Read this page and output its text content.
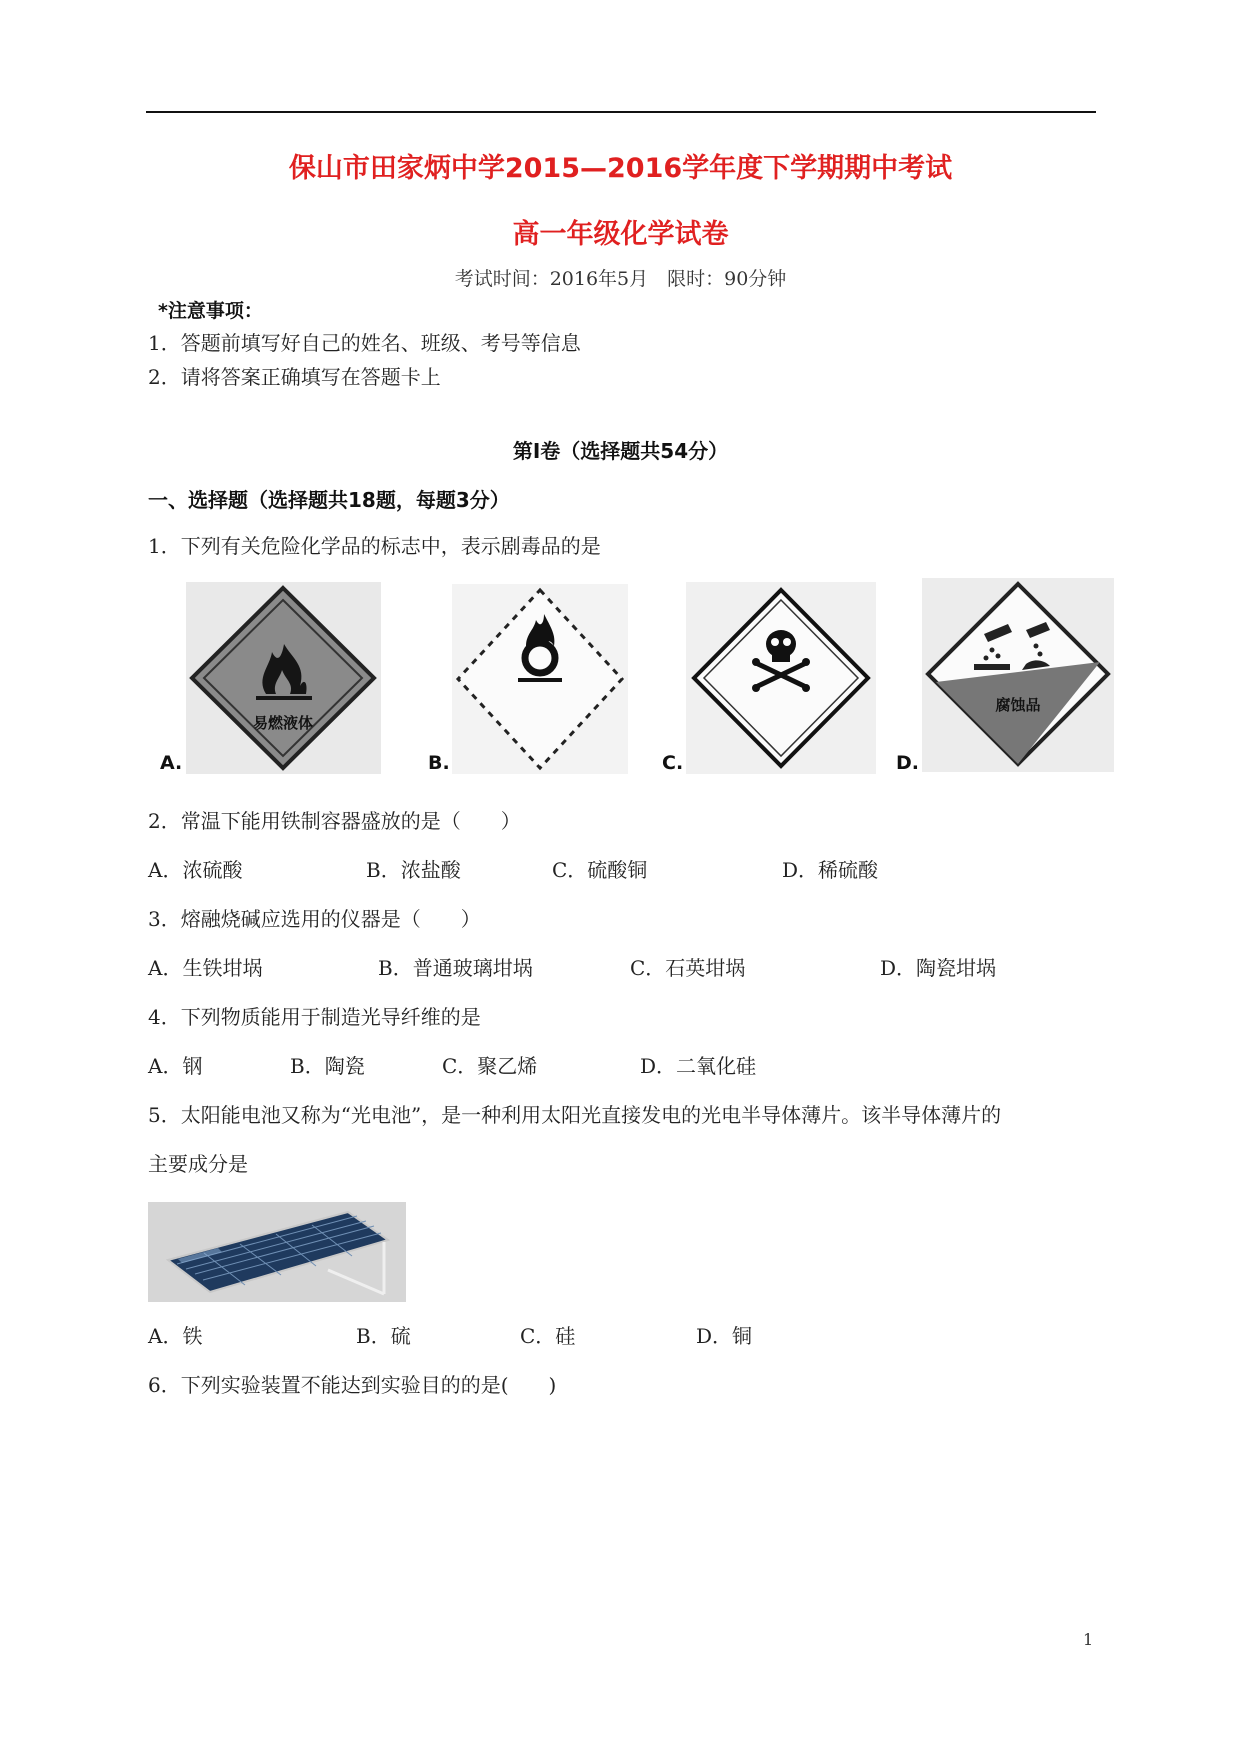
保山市田家炳中学2015—2016学年度下学期期中考试
高一年级化学试卷
考试时间：2016年5月　限时：90分钟
*注意事项：
1．答题前填写好自己的姓名、班级、考号等信息
2．请将答案正确填写在答题卡上
第Ⅰ卷（选择题共54分）
一、选择题（选择题共18题，每题3分）
1．下列有关危险化学品的标志中，表示剧毒品的是
易燃液体
A.	B.	C.
腐蚀品
D.
2．常温下能用铁制容器盛放的是（　　）
A．浓硫酸	B．浓盐酸	C．硫酸铜	D．稀硫酸
3．熔融烧碱应选用的仪器是（　　）
A．生铁坩埚	B．普通玻璃坩埚	C．石英坩埚	D．陶瓷坩埚
4．下列物质能用于制造光导纤维的是
A．钢	B．陶瓷	C．聚乙烯	D．二氧化硅
5．太阳能电池又称为“光电池”，是一种利用太阳光直接发电的光电半导体薄片。该半导体薄片的
主要成分是
A．铁	B．硫	C．硅	D．铜
6．下列实验装置不能达到实验目的的是(　　)
1
